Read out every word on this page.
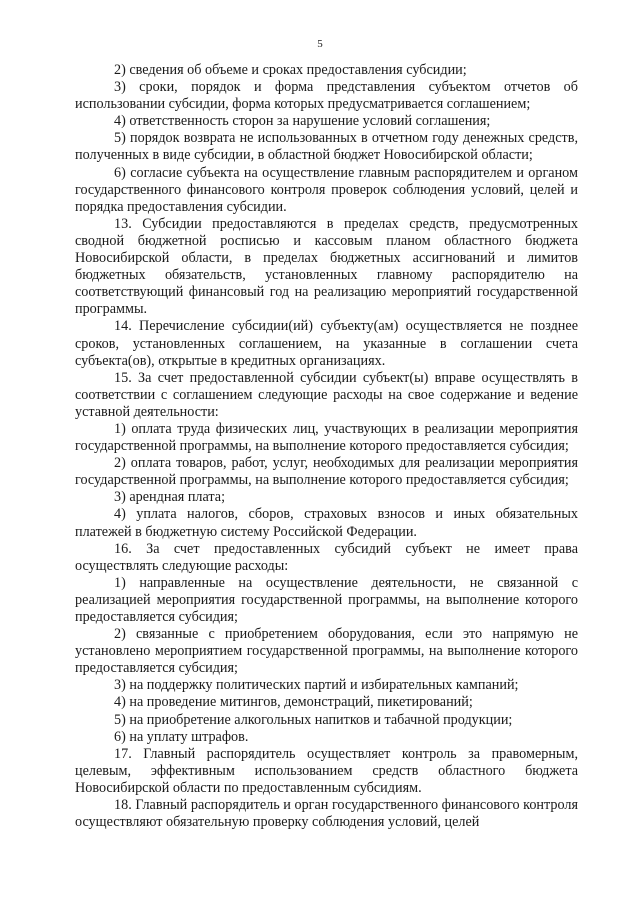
5

2) сведения об объеме и сроках предоставления субсидии;

3) сроки, порядок и форма представления субъектом отчетов об использовании субсидии, форма которых предусматривается соглашением;

4) ответственность сторон за нарушение условий соглашения;

5) порядок возврата не использованных в отчетном году денежных средств, полученных в виде субсидии, в областной бюджет Новосибирской области;

6) согласие субъекта на осуществление главным распорядителем и органом государственного финансового контроля проверок соблюдения условий, целей и порядка предоставления субсидии.

13. Субсидии предоставляются в пределах средств, предусмотренных сводной бюджетной росписью и кассовым планом областного бюджета Новосибирской области, в пределах бюджетных ассигнований и лимитов бюджетных обязательств, установленных главному распорядителю на соответствующий финансовый год на реализацию мероприятий государственной программы.

14. Перечисление субсидии(ий) субъекту(ам) осуществляется не позднее сроков, установленных соглашением, на указанные в соглашении счета субъекта(ов), открытые в кредитных организациях.

15. За счет предоставленной субсидии субъект(ы) вправе осуществлять в соответствии с соглашением следующие расходы на свое содержание и ведение уставной деятельности:

1) оплата труда физических лиц, участвующих в реализации мероприятия государственной программы, на выполнение которого предоставляется субсидия;

2) оплата товаров, работ, услуг, необходимых для реализации мероприятия государственной программы, на выполнение которого предоставляется субсидия;

3) арендная плата;

4) уплата налогов, сборов, страховых взносов и иных обязательных платежей в бюджетную систему Российской Федерации.

16. За счет предоставленных субсидий субъект не имеет права осуществлять следующие расходы:

1) направленные на осуществление деятельности, не связанной с реализацией мероприятия государственной программы, на выполнение которого предоставляется субсидия;

2) связанные с приобретением оборудования, если это напрямую не установлено мероприятием государственной программы, на выполнение которого предоставляется субсидия;

3) на поддержку политических партий и избирательных кампаний;

4) на проведение митингов, демонстраций, пикетирований;

5) на приобретение алкогольных напитков и табачной продукции;

6) на уплату штрафов.

17. Главный распорядитель осуществляет контроль за правомерным, целевым, эффективным использованием средств областного бюджета Новосибирской области по предоставленным субсидиям.

18. Главный распорядитель и орган государственного финансового контроля осуществляют обязательную проверку соблюдения условий, целей
